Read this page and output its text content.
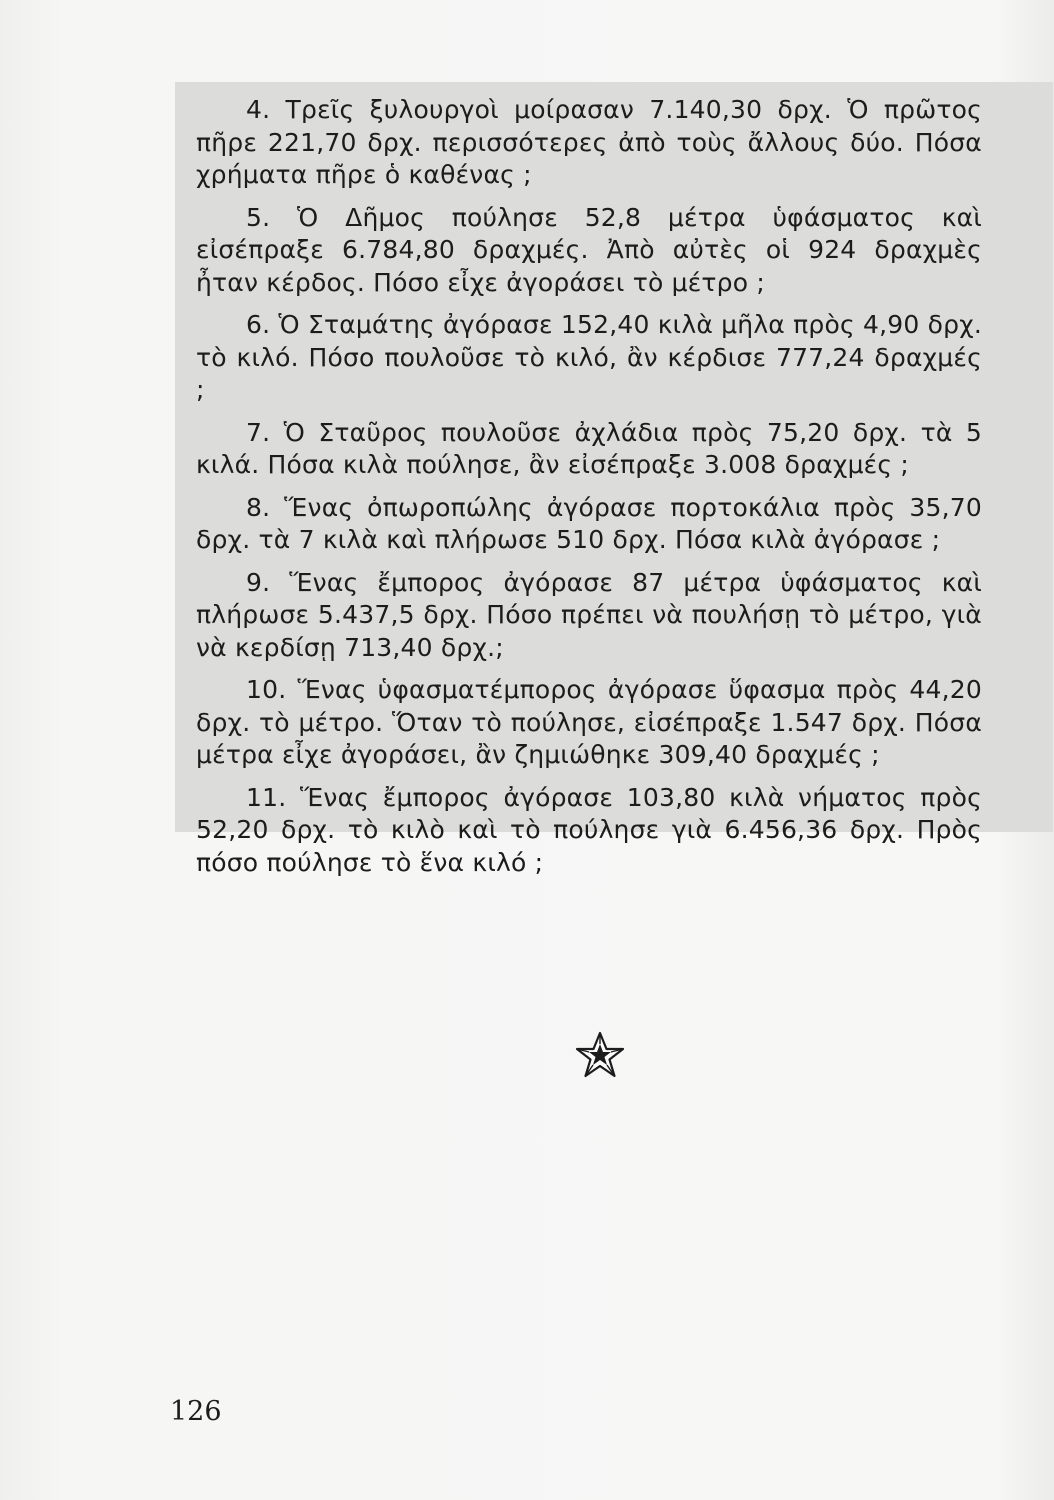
4. Τρεῖς ξυλουργοὶ μοίρασαν 7.140,30 δρχ. Ὁ πρῶτος πῆρε 221,70 δρχ. περισσότερες ἀπὸ τοὺς ἄλλους δύο. Πόσα χρήματα πῆρε ὁ καθένας ;

5. Ὁ Δῆμος πούλησε 52,8 μέτρα ὑφάσματος καὶ εἰσέπραξε 6.784,80 δραχμές. Ἀπὸ αὐτὲς οἱ 924 δραχμὲς ἦταν κέρδος. Πόσο εἶχε ἀγοράσει τὸ μέτρο ;

6. Ὁ Σταμάτης ἀγόρασε 152,40 κιλὰ μῆλα πρὸς 4,90 δρχ. τὸ κιλό. Πόσο πουλοῦσε τὸ κιλό, ἂν κέρδισε 777,24 δραχμές ;

7. Ὁ Σταῦρος πουλοῦσε ἀχλάδια πρὸς 75,20 δρχ. τὰ 5 κιλά. Πόσα κιλὰ πούλησε, ἂν εἰσέπραξε 3.008 δραχμές ;

8. Ἕνας ὀπωροπώλης ἀγόρασε πορτοκάλια πρὸς 35,70 δρχ. τὰ 7 κιλὰ καὶ πλήρωσε 510 δρχ. Πόσα κιλὰ ἀγόρασε ;

9. Ἕνας ἔμπορος ἀγόρασε 87 μέτρα ὑφάσματος καὶ πλήρωσε 5.437,5 δρχ. Πόσο πρέπει νὰ πουλήσῃ τὸ μέτρο, γιὰ νὰ κερδίσῃ 713,40 δρχ.;

10. Ἕνας ὑφασματέμπορος ἀγόρασε ὕφασμα πρὸς 44,20 δρχ. τὸ μέτρο. Ὅταν τὸ πούλησε, εἰσέπραξε 1.547 δρχ. Πόσα μέτρα εἶχε ἀγοράσει, ἂν ζημιώθηκε 309,40 δραχμές ;

11. Ἕνας ἔμπορος ἀγόρασε 103,80 κιλὰ νήματος πρὸς 52,20 δρχ. τὸ κιλὸ καὶ τὸ πούλησε γιὰ 6.456,36 δρχ. Πρὸς πόσο πούλησε τὸ ἕνα κιλό ;

126
